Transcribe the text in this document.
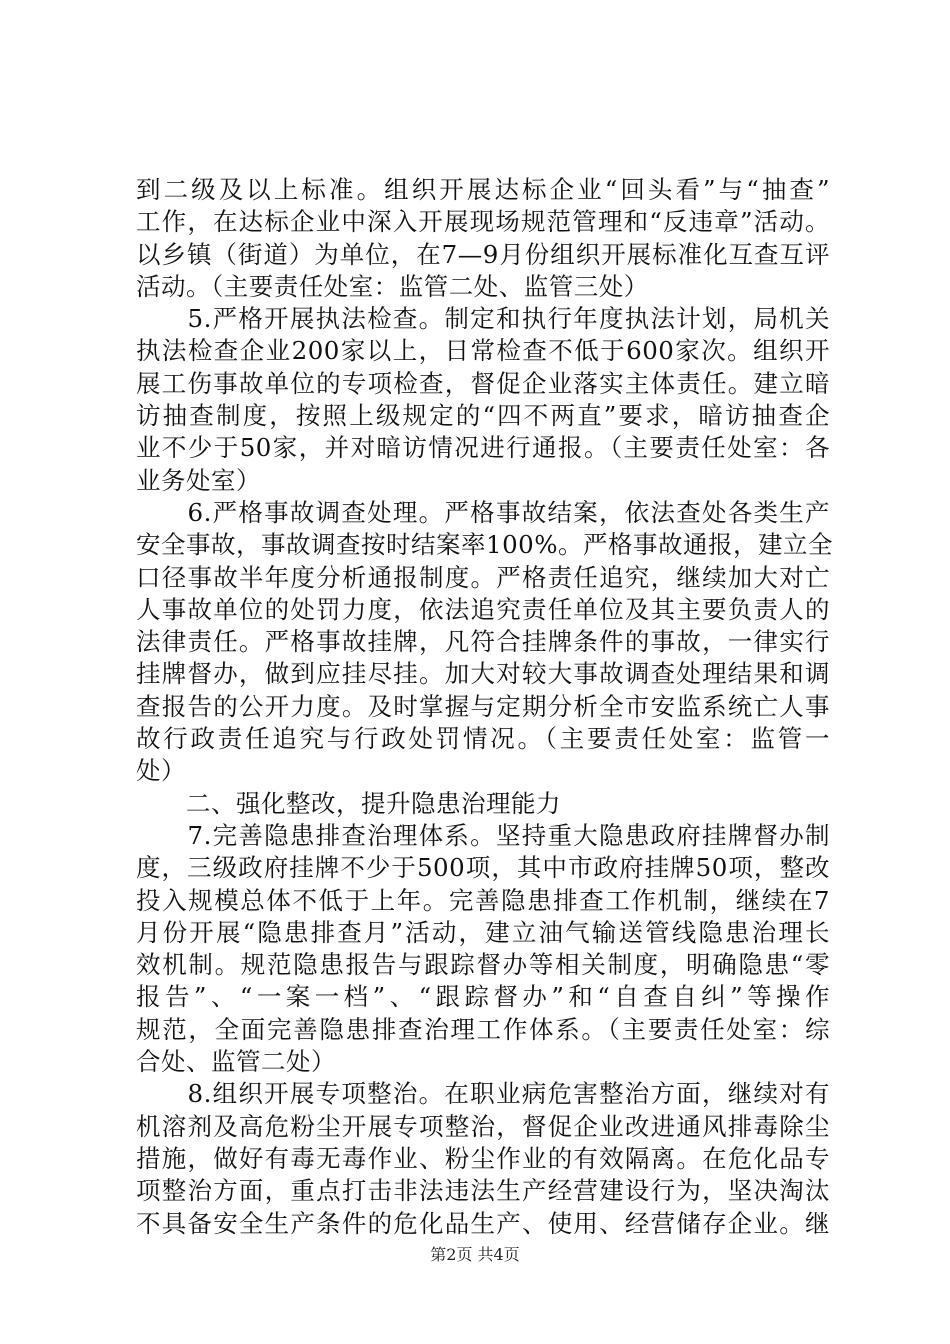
到二级及以上标准。组织开展达标企业“回头看”与“抽查”
工作，在达标企业中深入开展现场规范管理和“反违章”活动。
以乡镇（街道）为单位，在7—9月份组织开展标准化互查互评
活动。（主要责任处室：监管二处、监管三处）
　　5.严格开展执法检查。制定和执行年度执法计划，局机关
执法检查企业200家以上，日常检查不低于600家次。组织开
展工伤事故单位的专项检查，督促企业落实主体责任。建立暗
访抽查制度，按照上级规定的“四不两直”要求，暗访抽查企
业不少于50家，并对暗访情况进行通报。（主要责任处室：各
业务处室）
　　6.严格事故调查处理。严格事故结案，依法查处各类生产
安全事故，事故调查按时结案率100%。严格事故通报，建立全
口径事故半年度分析通报制度。严格责任追究，继续加大对亡
人事故单位的处罚力度，依法追究责任单位及其主要负责人的
法律责任。严格事故挂牌，凡符合挂牌条件的事故，一律实行
挂牌督办，做到应挂尽挂。加大对较大事故调查处理结果和调
查报告的公开力度。及时掌握与定期分析全市安监系统亡人事
故行政责任追究与行政处罚情况。（主要责任处室：监管一
处）
　　二、强化整改，提升隐患治理能力
　　7.完善隐患排查治理体系。坚持重大隐患政府挂牌督办制
度，三级政府挂牌不少于500项，其中市政府挂牌50项，整改
投入规模总体不低于上年。完善隐患排查工作机制，继续在7
月份开展“隐患排查月”活动，建立油气输送管线隐患治理长
效机制。规范隐患报告与跟踪督办等相关制度，明确隐患“零
报告”、“一案一档”、“跟踪督办”和“自查自纠”等操作
规范，全面完善隐患排查治理工作体系。（主要责任处室：综
合处、监管二处）
　　8.组织开展专项整治。在职业病危害整治方面，继续对有
机溶剂及高危粉尘开展专项整治，督促企业改进通风排毒除尘
措施，做好有毒无毒作业、粉尘作业的有效隔离。在危化品专
项整治方面，重点打击非法违法生产经营建设行为，坚决淘汰
不具备安全生产条件的危化品生产、使用、经营储存企业。继
第2页 共4页
